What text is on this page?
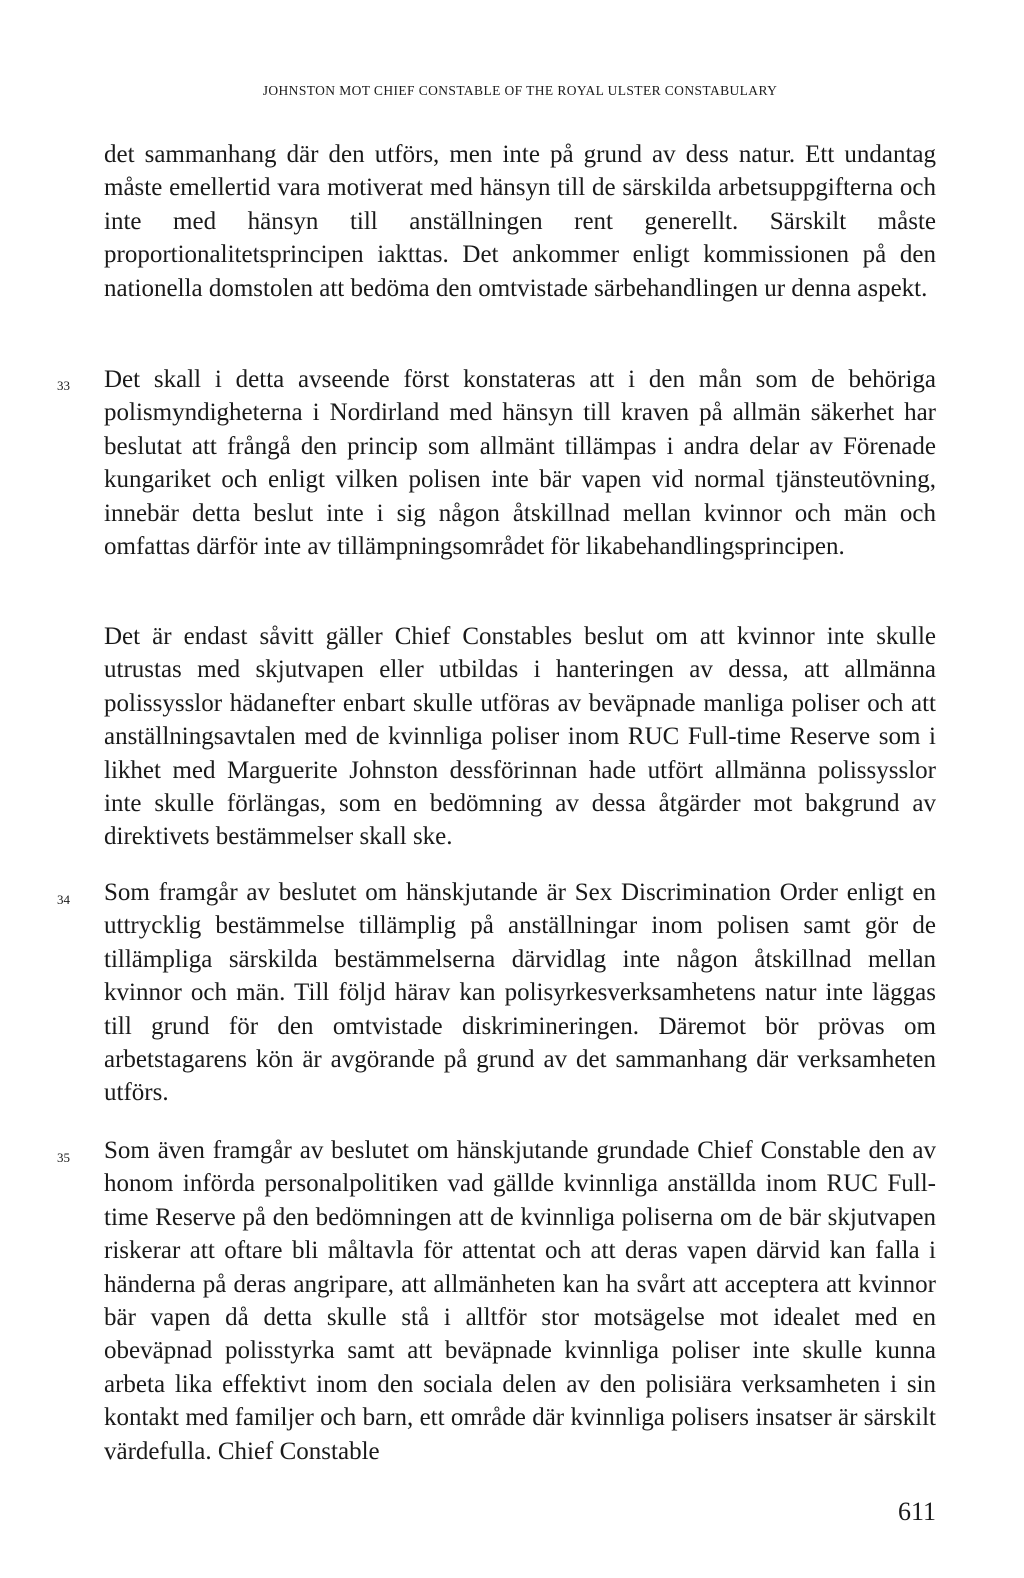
JOHNSTON MOT CHIEF CONSTABLE OF THE ROYAL ULSTER CONSTABULARY

det sammanhang där den utförs, men inte på grund av dess natur. Ett undantag måste emellertid vara motiverat med hänsyn till de särskilda arbetsuppgifterna och inte med hänsyn till anställningen rent generellt. Särskilt måste proportionalitetsprincipen iakttas. Det ankommer enligt kommissionen på den nationella domstolen att bedöma den omtvistade särbehandlingen ur denna aspekt.

33 Det skall i detta avseende först konstateras att i den mån som de behöriga polismyndigheterna i Nordirland med hänsyn till kraven på allmän säkerhet har beslutat att frångå den princip som allmänt tillämpas i andra delar av Förenade kungariket och enligt vilken polisen inte bär vapen vid normal tjänsteutövning, innebär detta beslut inte i sig någon åtskillnad mellan kvinnor och män och omfattas därför inte av tillämpningsområdet för likabehandlingsprincipen.

Det är endast såvitt gäller Chief Constables beslut om att kvinnor inte skulle utrustas med skjutvapen eller utbildas i hanteringen av dessa, att allmänna polissysslor hädanefter enbart skulle utföras av beväpnade manliga poliser och att anställningsavtalen med de kvinnliga poliser inom RUC Full-time Reserve som i likhet med Marguerite Johnston dessförinnan hade utfört allmänna polissysslor inte skulle förlängas, som en bedömning av dessa åtgärder mot bakgrund av direktivets bestämmelser skall ske.

34 Som framgår av beslutet om hänskjutande är Sex Discrimination Order enligt en uttrycklig bestämmelse tillämplig på anställningar inom polisen samt gör de tillämpliga särskilda bestämmelserna därvidlag inte någon åtskillnad mellan kvinnor och män. Till följd härav kan polisyrkesverksamhetens natur inte läggas till grund för den omtvistade diskrimineringen. Däremot bör prövas om arbetstagarens kön är avgörande på grund av det sammanhang där verksamheten utförs.

35 Som även framgår av beslutet om hänskjutande grundade Chief Constable den av honom införda personalpolitiken vad gällde kvinnliga anställda inom RUC Full-time Reserve på den bedömningen att de kvinnliga poliserna om de bär skjutvapen riskerar att oftare bli måltavla för attentat och att deras vapen därvid kan falla i händerna på deras angripare, att allmänheten kan ha svårt att acceptera att kvinnor bär vapen då detta skulle stå i alltför stor motsägelse mot idealet med en obeväpnad polisstyrka samt att beväpnade kvinnliga poliser inte skulle kunna arbeta lika effektivt inom den sociala delen av den polisiära verksamheten i sin kontakt med familjer och barn, ett område där kvinnliga polisers insatser är särskilt värdefulla. Chief Constable

611
